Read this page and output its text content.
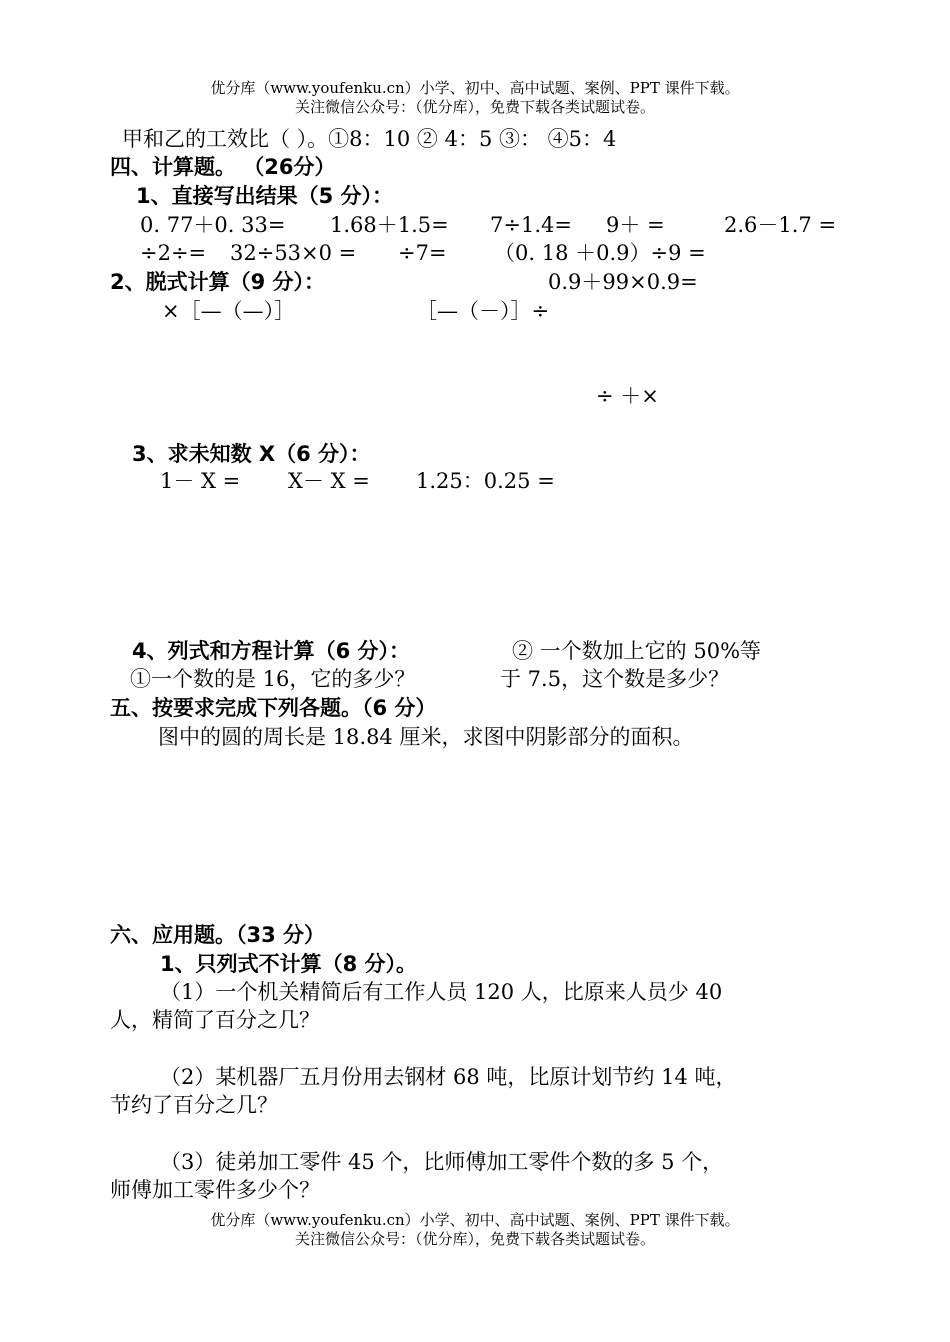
优分库（www.youfenku.cn）小学、初中、高中试题、案例、PPT 课件下载。
关注微信公众号：（优分库），免费下载各类试题试卷。
甲和乙的工效比（ ）。①8：10 ② 4：5 ③： ④5：4
四、计算题。 （26分）
1、直接写出结果（5 分）：
0. 77＋0. 33= 1.68＋1.5= 7÷1.4= 9＋ =	2.6－1.7 =
÷2÷= 32÷53×0 = ÷7= （0. 18 ＋0.9）÷9 =
2、脱式计算（9 分）：	0.9＋99×0.9=
×［—（—）］	［—（－）］÷
÷ ＋×
3、求未知数 X（6 分）：
1－ X = X－ X = 1.25：0.25 =
4、列式和方程计算（6 分）：	② 一个数加上它的 50%等
①一个数的是 16，它的多少？	于 7.5，这个数是多少？
五、按要求完成下列各题。（6 分）
图中的圆的周长是 18.84 厘米，求图中阴影部分的面积。
六、应用题。（33 分）
1、只列式不计算（8 分）。
（1）一个机关精简后有工作人员 120 人，比原来人员少 40
人，精简了百分之几？
（2）某机器厂五月份用去钢材 68 吨，比原计划节约 14 吨，
节约了百分之几？
（3）徒弟加工零件 45 个，比师傅加工零件个数的多 5 个，
师傅加工零件多少个？
优分库（www.youfenku.cn）小学、初中、高中试题、案例、PPT 课件下载。
关注微信公众号：（优分库），免费下载各类试题试卷。
